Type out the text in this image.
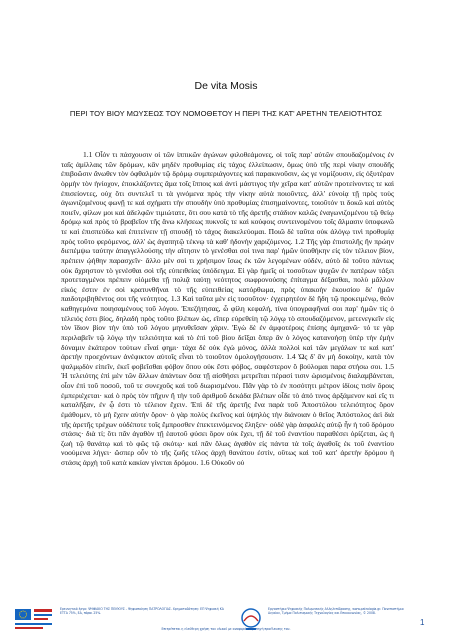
De vita Mosis
ΠΕΡΙ ΤΟΥ ΒΙΟΥ ΜΩΥΣΕΩΣ ΤΟΥ ΝΟΜΟΘΕΤΟΥ Η ΠΕΡΙ ΤΗΣ ΚΑΤ' ΑΡΕΤΗΝ ΤΕΛΕΙΟΤΗΤΟΣ

1.1 Οἷόν τι πάσχουσιν οἱ τῶν ἱππικῶν ἀγώνων φιλοθεάμονες, οἱ τοῖς παρ' αὐτῶν σπουδαζομένοις ἐν ταῖς ἁμίλλαις τῶν δρόμων, κἂν μηδὲν προθυμίας εἰς τάχος ἐλλείπωσιν, ὅμως ὑπὸ τῆς περὶ νίκην σπουδῆς ἐπιβοῶσιν ἄνωθεν τὸν ὀφθαλμὸν τῷ δρόμῳ συμπεριάγοντες καὶ παρακινοῦσιν, ὡς γε νομίζουσιν, εἰς ὀξυτέραν ὁρμὴν τὸν ἡνίοχον, ἐποκλάζοντες ἅμα τοῖς ἵπποις καὶ ἀντὶ μάστιγος τὴν χεῖρα κατ' αὐτῶν προτείνοντες τε καὶ ἐπισείοντες, οὐχ ὅτι συντελεῖ τι τὰ γινόμενα πρὸς τὴν νίκην αὐτὰ ποιοῦντες, ἀλλ' εὐνοίᾳ τῇ πρὸς τοὺς ἀγωνιζομένους φωνῇ τε καὶ σχήματι τὴν σπουδὴν ὑπὸ προθυμίας ἐπισημαίνοντες, τοιοῦτόν τι δοκῶ καὶ αὐτὸς ποιεῖν, φίλων μοι καὶ ἀδελφῶν τιμιώτατε, ὅτι σου κατὰ τὸ τῆς ἀρετῆς στάδιον καλῶς ἐναγωνιζομένου τῷ θείῳ δρόμῳ καὶ πρὸς τὸ βραβεῖον τῆς ἄνω κλήσεως πυκνοῖς τε καὶ κούφοις συντεινομένου τοῖς ἅλμασιν ὑποφωνῶ τε καὶ ἐπισπεύδω καὶ ἐπιτείνειν τῇ σπουδῇ τὸ τάχος διακελεύομαι. Ποιῶ δὲ ταῦτα οὐκ ἀλόγῳ τινὶ προθυμίᾳ πρὸς τοῦτο φερόμενος, ἀλλ' ὡς ἀγαπητῷ τέκνῳ τὰ καθ' ἡδονὴν χαριζόμενος. 1.2 Τῆς γὰρ ἐπιστολῆς ἣν πρώην διεπέμψω ταύτην ἀπαγγελλούσης τὴν αἴτησιν τὸ γενέσθαι σοί τινα παρ' ἡμῶν ὑποθήκην εἰς τὸν τέλειον βίον, πρέπειν ᾠήθην παρασχεῖν· ἄλλο μὲν σοὶ τι χρήσιμον ἴσως ἐκ τῶν λεγομένων οὐδέν, αὐτὸ δὲ τοῦτο πάντως οὐκ ἄχρηστον τὸ γενέσθαι σοὶ τῆς εὐπειθείας ὑπόδειγμα. Εἰ γὰρ ἡμεῖς οἱ τοσοῦτων ψυχῶν ἐν πατέρων τάξει προτεταγμένοι πρέπειν οἰόμεθα τῇ πολιᾷ ταύτῃ νεότητος σωφρονούσης ἐπίταγμα δέξασθαι, πολὺ μᾶλλον εἰκός ἐστιν ἐν σοὶ κρατυνθῆναι τὸ τῆς εὐπειθείας κατόρθωμα, πρὸς ὑπακοὴν ἑκουσίου δι' ἡμῶν παιδοτριβηθέντος σοι τῆς νεότητος. 1.3 Καὶ ταῦτα μὲν εἰς τοσοῦτον· ἐγχειρητέον δὲ ἤδη τῷ προκειμένῳ, θεὸν καθηγεμόνα ποιησαμένους τοῦ λόγου. Ἐπεζήτησας, ὦ φίλη κεφαλή, τίνα ὑπογραφῆναί σοι παρ' ἡμῶν τίς ὁ τέλειός ἐστι βίος, δηλαδὴ πρὸς τοῦτο βλέπων ὡς, εἴπερ εὑρεθείη τῷ λόγῳ τὸ σπουδαζόμενον, μετενεγκεῖν εἰς τὸν ἴδιον βίον τὴν ὑπὸ τοῦ λόγου μηνυθεῖσαν χάριν. Ἐγὼ δὲ ἐν ἀμφοτέροις ἐπίσης ἀμηχανῶ· τό τε γὰρ περιλαβεῖν τῷ λόγῳ τὴν τελειότητα καὶ τὸ ἐπὶ τοῦ βίου δεῖξαι ὅπερ ἂν ὁ λόγος κατανοήσῃ ὑπὲρ τὴν ἐμὴν δύναμιν ἑκάτερον τούτων εἶναί φημι· τάχα δὲ οὐκ ἐγὼ μόνος, ἀλλὰ πολλοὶ καὶ τῶν μεγάλων τε καὶ κατ' ἀρετὴν προεχόντων ἀνέφικτον αὐτοῖς εἶναι τὸ τοιοῦτον ὁμολογήσουσιν. 1.4 Ὡς δ' ἂν μὴ δοκοίην, κατὰ τὸν ψαλμῳδὸν εἰπεῖν, ἐκεῖ φοβεῖσθαι φόβον ὅπου οὐκ ἔστι φόβος, σαφέστερον ὃ βούλομαι παρα στήσω σοι. 1.5 Ἡ τελειότης ἐπὶ μὲν τῶν ἄλλων ἁπάντων ὅσα τῇ αἰσθήσει μετρεῖται πέρασί τισιν ὡρισμένοις διαλαμβάνεται, οἷον ἐπὶ τοῦ ποσοῦ, τοῦ τε συνεχοῦς καὶ τοῦ διωρισμένου. Πᾶν γὰρ τὸ ἐν ποσότητι μέτρον ἰδίοις τισὶν ὅροις ἐμπεριέχεται· καὶ ὁ πρὸς τὸν πῆχυν ἢ τὴν τοῦ ἀριθμοῦ δεκάδα βλέπων οἶδε τὸ ἀπό τινος ἀρξάμενον καὶ εἴς τι καταλῆξαν, ἐν ᾧ ἐστι τὸ τέλειον ἔχειν. Ἐπὶ δὲ τῆς ἀρετῆς ἕνα παρὰ τοῦ Ἀποστόλου τελειότητος ὅρον ἐμάθομεν, τὸ μὴ ἔχειν αὐτὴν ὅρον· ὁ γὰρ πολὺς ἐκεῖνος καὶ ὑψηλὸς τὴν διάνοιαν ὁ θεῖος Ἀπόστολος ἀεὶ διὰ τῆς ἀρετῆς τρέχων οὐδέποτε τοῖς ἔμπροσθεν ἐπεκτεινόμενος ἔληξεν· οὐδὲ γὰρ ἀσφαλὲς αὐτῷ ἦν ἡ τοῦ δρόμου στάσις· διὰ τί; ὅτι πᾶν ἀγαθὸν τῇ ἑαυτοῦ φύσει ὅρον οὐκ ἔχει, τῇ δὲ τοῦ ἐναντίου παραθέσει ὁρίζεται, ὡς ἡ ζωὴ τῷ θανάτῳ καὶ τὸ φῶς τῷ σκότῳ· καὶ πᾶν ὅλως ἀγαθὸν εἰς πάντα τὰ τοῖς ἀγαθοῖς ἐκ τοῦ ἐναντίου νοούμενα λήγει· ὥσπερ οὖν τὸ τῆς ζωῆς τέλος ἀρχὴ θανάτου ἐστίν, οὕτως καὶ τοῦ κατ' ἀρετὴν δρόμου ἡ στάσις ἀρχὴ τοῦ κατὰ κακίαν γίνεται δρόμου. 1.6 Οὐκοῦν οὐ

Ερευνητικό έργο: ΨΗΦΙΑΚΟ ΤΗΣ ΠΕΙΘΟΥΣ - Ψηφιοποίηση ΠΑΤΡΟΛΟΓΙΑΣ. Χρηματοδότηση: ΕΠ Ψηφιακή ΚΑ ΕΤΤΑ 75%, ΕΔ, πόροι 25%.
Εργαστήριο Ψηφιακής Πολυμεσικής Αλληλεπίδρασης, www.patrologia.gr. Πανεπιστήμιο Αιγαίου, Τμήμα Πολιτισμικής Τεχνολογίας και Επικοινωνίας, © 2008.
Επιτρέπεται η ελεύθερη χρήση του υλικού με αναφορά στην πηγή προέλευσης του.
1
